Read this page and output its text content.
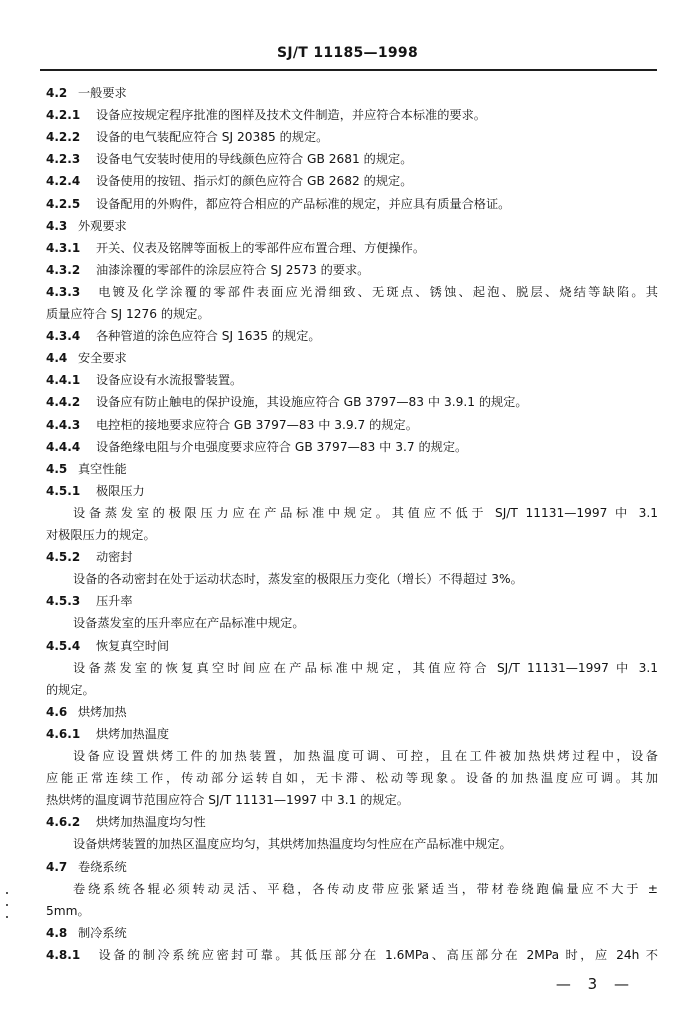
SJ/T 11185—1998
4.2 一般要求
4.2.1 设备应按规定程序批准的图样及技术文件制造，并应符合本标准的要求。
4.2.2 设备的电气装配应符合 SJ 20385 的规定。
4.2.3 设备电气安装时使用的导线颜色应符合 GB 2681 的规定。
4.2.4 设备使用的按钮、指示灯的颜色应符合 GB 2682 的规定。
4.2.5 设备配用的外购件，都应符合相应的产品标准的规定，并应具有质量合格证。
4.3 外观要求
4.3.1 开关、仪表及铭牌等面板上的零部件应布置合理、方便操作。
4.3.2 油漆涂覆的零部件的涂层应符合 SJ 2573 的要求。
4.3.3 电镀及化学涂覆的零部件表面应光滑细致、无斑点、锈蚀、起泡、脱层、烧结等缺陷。其
质量应符合 SJ 1276 的规定。
4.3.4 各种管道的涂色应符合 SJ 1635 的规定。
4.4 安全要求
4.4.1 设备应设有水流报警装置。
4.4.2 设备应有防止触电的保护设施，其设施应符合 GB 3797—83 中 3.9.1 的规定。
4.4.3 电控柜的接地要求应符合 GB 3797—83 中 3.9.7 的规定。
4.4.4 设备绝缘电阻与介电强度要求应符合 GB 3797—83 中 3.7 的规定。
4.5 真空性能
4.5.1 极限压力
设备蒸发室的极限压力应在产品标准中规定。其值应不低于 SJ/T 11131—1997 中 3.1
对极限压力的规定。
4.5.2 动密封
设备的各动密封在处于运动状态时，蒸发室的极限压力变化（增长）不得超过 3%。
4.5.3 压升率
设备蒸发室的压升率应在产品标准中规定。
4.5.4 恢复真空时间
设备蒸发室的恢复真空时间应在产品标准中规定，其值应符合 SJ/T 11131—1997 中 3.1
的规定。
4.6 烘烤加热
4.6.1 烘烤加热温度
设备应设置烘烤工件的加热装置，加热温度可调、可控，且在工件被加热烘烤过程中，设备
应能正常连续工作，传动部分运转自如，无卡滞、松动等现象。设备的加热温度应可调。其加
热烘烤的温度调节范围应符合 SJ/T 11131—1997 中 3.1 的规定。
4.6.2 烘烤加热温度均匀性
设备烘烤装置的加热区温度应均匀，其烘烤加热温度均匀性应在产品标准中规定。
4.7 卷绕系统
卷绕系统各辊必须转动灵活、平稳，各传动皮带应张紧适当，带材卷绕跑偏量应不大于 ±
5mm。
4.8 制冷系统
4.8.1 设备的制冷系统应密封可靠。其低压部分在 1.6MPa、高压部分在 2MPa 时，应 24h 不
— 3 —
